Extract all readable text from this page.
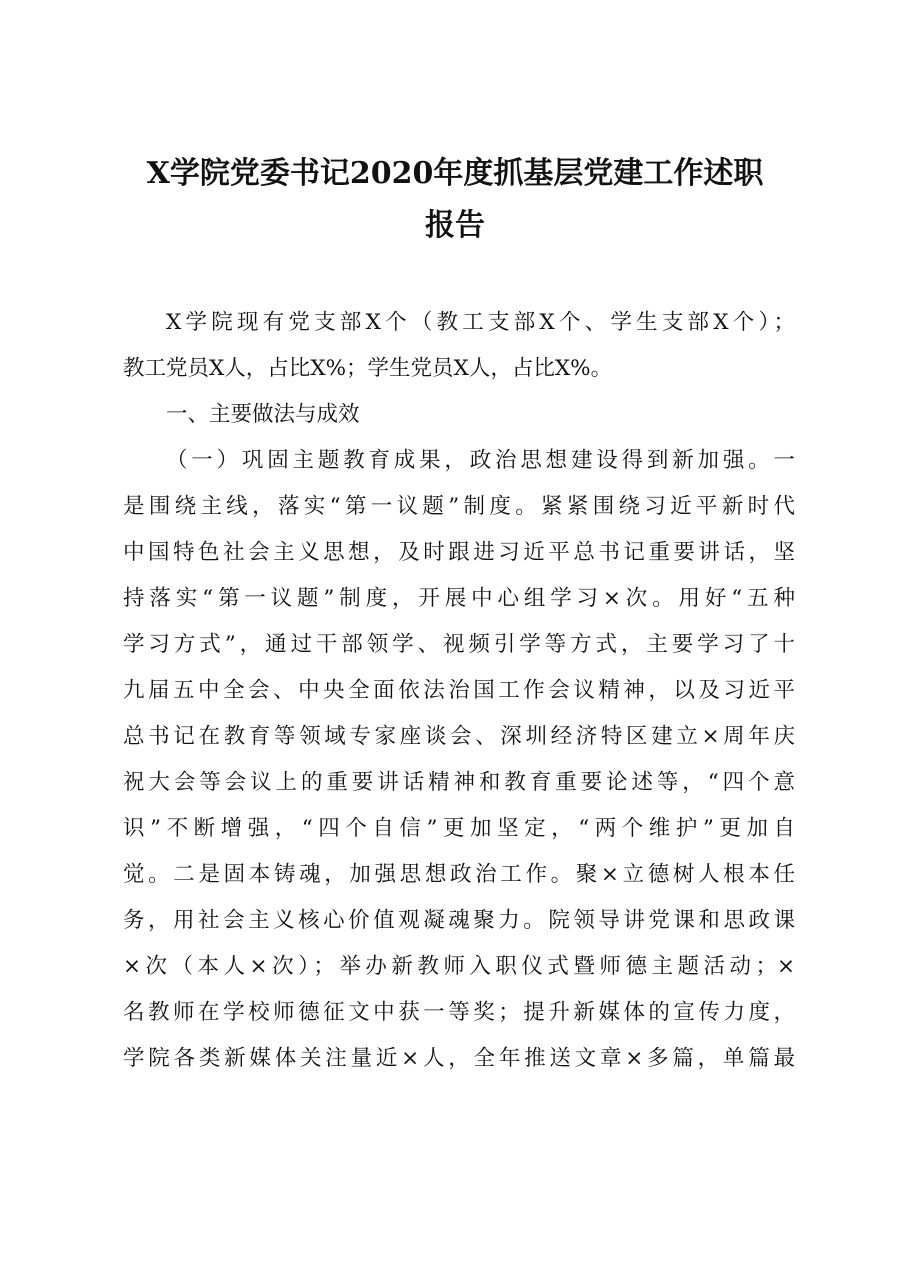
X学院党委书记2020年度抓基层党建工作述职
报告
X学院现有党支部X个（教工支部X个、学生支部X个）；
教工党员X人，占比X%；学生党员X人，占比X%。
一、主要做法与成效
（一）巩固主题教育成果，政治思想建设得到新加强。一
是围绕主线，落实“第一议题”制度。紧紧围绕习近平新时代
中国特色社会主义思想，及时跟进习近平总书记重要讲话，坚
持落实“第一议题”制度，开展中心组学习×次。用好“五种
学习方式”，通过干部领学、视频引学等方式，主要学习了十
九届五中全会、中央全面依法治国工作会议精神，以及习近平
总书记在教育等领域专家座谈会、深圳经济特区建立×周年庆
祝大会等会议上的重要讲话精神和教育重要论述等，“四个意
识”不断增强，“四个自信”更加坚定，“两个维护”更加自
觉。二是固本铸魂，加强思想政治工作。聚×立德树人根本任
务，用社会主义核心价值观凝魂聚力。院领导讲党课和思政课
×次（本人×次）；举办新教师入职仪式暨师德主题活动；×
名教师在学校师德征文中获一等奖；提升新媒体的宣传力度，
学院各类新媒体关注量近×人，全年推送文章×多篇，单篇最
